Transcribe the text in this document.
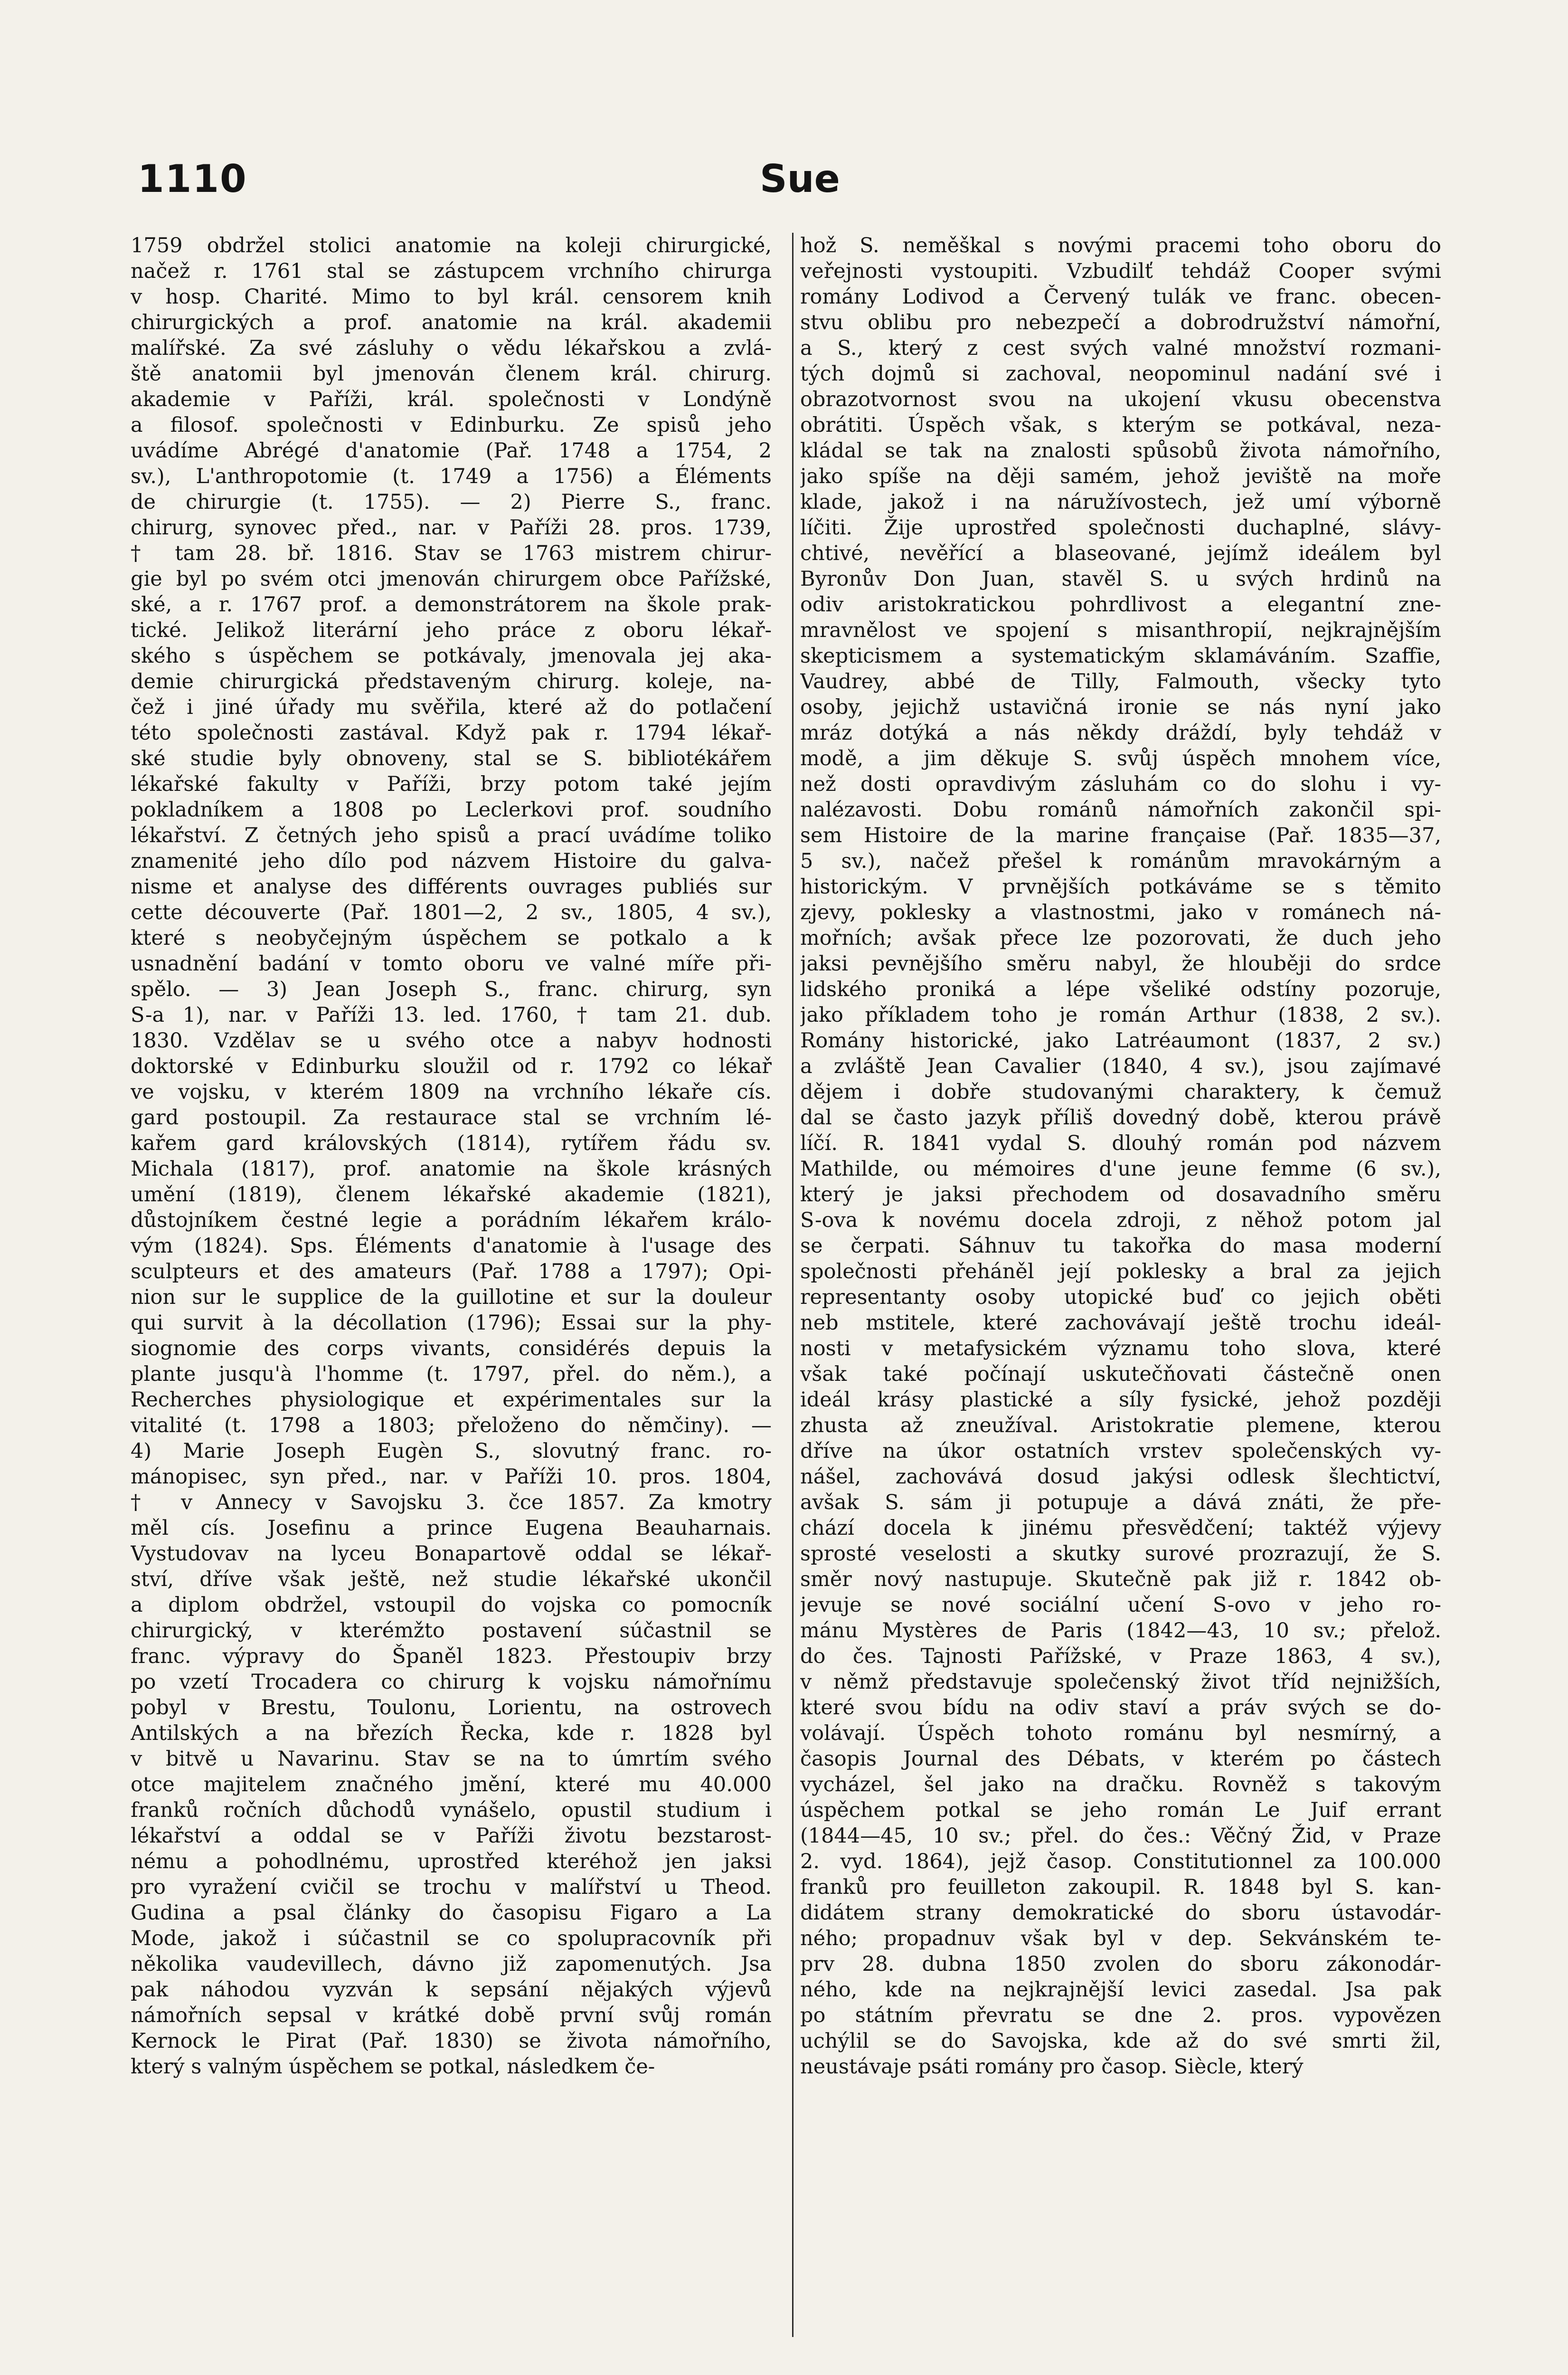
1110	Sue
1759 obdržel stolici anatomie na koleji chirurgické,
načež r. 1761 stal se zástupcem vrchního chirurga
v hosp. Charité. Mimo to byl král. censorem knih
chirurgických a prof. anatomie na král. akademii
malířské. Za své zásluhy o vědu lékařskou a zvlá-
ště anatomii byl jmenován členem král. chirurg.
akademie v Paříži, král. společnosti v Londýně
a filosof. společnosti v Edinburku. Ze spisů jeho
uvádíme Abrégé d'anatomie (Pař. 1748 a 1754, 2
sv.), L'anthropotomie (t. 1749 a 1756) a Éléments
de chirurgie (t. 1755). — 2) Pierre S., franc.
chirurg, synovec před., nar. v Paříži 28. pros. 1739,
† tam 28. bř. 1816. Stav se 1763 mistrem chirur-
gie byl po svém otci jmenován chirurgem obce Pařížské,
ské, a r. 1767 prof. a demonstrátorem na škole prak-
tické. Jelikož literární jeho práce z oboru lékař-
ského s úspěchem se potkávaly, jmenovala jej aka-
demie chirurgická představeným chirurg. koleje, na-
čež i jiné úřady mu svěřila, které až do potlačení
této společnosti zastával. Když pak r. 1794 lékař-
ské studie byly obnoveny, stal se S. bibliotékářem
lékařské fakulty v Paříži, brzy potom také jejím
pokladníkem a 1808 po Leclerkovi prof. soudního
lékařství. Z četných jeho spisů a prací uvádíme toliko
znamenité jeho dílo pod názvem Histoire du galva-
nisme et analyse des différents ouvrages publiés sur
cette découverte (Pař. 1801—2, 2 sv., 1805, 4 sv.),
které s neobyčejným úspěchem se potkalo a k
usnadnění badání v tomto oboru ve valné míře při-
spělo. — 3) Jean Joseph S., franc. chirurg, syn
S-a 1), nar. v Paříži 13. led. 1760, † tam 21. dub.
1830. Vzdělav se u svého otce a nabyv hodnosti
doktorské v Edinburku sloužil od r. 1792 co lékař
ve vojsku, v kterém 1809 na vrchního lékaře cís.
gard postoupil. Za restaurace stal se vrchním lé-
kařem gard královských (1814), rytířem řádu sv.
Michala (1817), prof. anatomie na škole krásných
umění (1819), členem lékařské akademie (1821),
důstojníkem čestné legie a porádním lékařem králo-
vým (1824). Sps. Éléments d'anatomie à l'usage des
sculpteurs et des amateurs (Pař. 1788 a 1797); Opi-
nion sur le supplice de la guillotine et sur la douleur
qui survit à la décollation (1796); Essai sur la phy-
siognomie des corps vivants, considérés depuis la
plante jusqu'à l'homme (t. 1797, přel. do něm.), a
Recherches physiologique et expérimentales sur la
vitalité (t. 1798 a 1803; přeloženo do němčiny). —
4) Marie Joseph Eugèn S., slovutný franc. ro-
mánopisec, syn před., nar. v Paříži 10. pros. 1804,
† v Annecy v Savojsku 3. čce 1857. Za kmotry
měl cís. Josefinu a prince Eugena Beauharnais.
Vystudovav na lyceu Bonapartově oddal se lékař-
ství, dříve však ještě, než studie lékařské ukončil
a diplom obdržel, vstoupil do vojska co pomocník
chirurgický, v kterémžto postavení súčastnil se
franc. výpravy do Španěl 1823. Přestoupiv brzy
po vzetí Trocadera co chirurg k vojsku námořnímu
pobyl v Brestu, Toulonu, Lorientu, na ostrovech
Antilských a na březích Řecka, kde r. 1828 byl
v bitvě u Navarinu. Stav se na to úmrtím svého
otce majitelem značného jmění, které mu 40.000
franků ročních důchodů vynášelo, opustil studium i
lékařství a oddal se v Paříži životu bezstarost-
nému a pohodlnému, uprostřed kteréhož jen jaksi
pro vyražení cvičil se trochu v malířství u Theod.
Gudina a psal články do časopisu Figaro a La
Mode, jakož i súčastnil se co spolupracovník při
několika vaudevillech, dávno již zapomenutých. Jsa
pak náhodou vyzván k sepsání nějakých výjevů
námořních sepsal v krátké době první svůj román
Kernock le Pirat (Pař. 1830) se života námořního,
který s valným úspěchem se potkal, následkem če-
hož S. neměškal s novými pracemi toho oboru do
veřejnosti vystoupiti. Vzbudilť tehdáž Cooper svými
romány Lodivod a Červený tulák ve franc. obecen-
stvu oblibu pro nebezpečí a dobrodružství námořní,
a S., který z cest svých valné množství rozmani-
tých dojmů si zachoval, neopominul nadání své i
obrazotvornost svou na ukojení vkusu obecenstva
obrátiti. Úspěch však, s kterým se potkával, neza-
kládal se tak na znalosti spůsobů života námořního,
jako spíše na ději samém, jehož jeviště na moře
klade, jakož i na náružívostech, jež umí výborně
líčiti. Žije uprostřed společnosti duchaplné, slávy-
chtivé, nevěřící a blaseované, jejímž ideálem byl
Byronův Don Juan, stavěl S. u svých hrdinů na
odiv aristokratickou pohrdlivost a elegantní zne-
mravnělost ve spojení s misanthropií, nejkrajnějším
skepticismem a systematickým sklamáváním. Szaffie,
Vaudrey, abbé de Tilly, Falmouth, všecky tyto
osoby, jejichž ustavičná ironie se nás nyní jako
mráz dotýká a nás někdy dráždí, byly tehdáž v
modě, a jim děkuje S. svůj úspěch mnohem více,
než dosti opravdivým zásluhám co do slohu i vy-
nalézavosti. Dobu románů námořních zakončil spi-
sem Histoire de la marine française (Pař. 1835—37,
5 sv.), načež přešel k románům mravokárným a
historickým. V prvnějších potkáváme se s těmito
zjevy, poklesky a vlastnostmi, jako v románech ná-
mořních; avšak přece lze pozorovati, že duch jeho
jaksi pevnějšího směru nabyl, že hlouběji do srdce
lidského proniká a lépe všeliké odstíny pozoruje,
jako příkladem toho je román Arthur (1838, 2 sv.).
Romány historické, jako Latréaumont (1837, 2 sv.)
a zvláště Jean Cavalier (1840, 4 sv.), jsou zajímavé
dějem i dobře studovanými charaktery, k čemuž
dal se často jazyk příliš dovedný době, kterou právě
líčí. R. 1841 vydal S. dlouhý román pod názvem
Mathilde, ou mémoires d'une jeune femme (6 sv.),
který je jaksi přechodem od dosavadního směru
S-ova k novému docela zdroji, z něhož potom jal
se čerpati. Sáhnuv tu takořka do masa moderní
společnosti přeháněl její poklesky a bral za jejich
representanty osoby utopické buď co jejich oběti
neb mstitele, které zachovávají ještě trochu ideál-
nosti v metafysickém významu toho slova, které
však také počínají uskutečňovati částečně onen
ideál krásy plastické a síly fysické, jehož později
zhusta až zneužíval. Aristokratie plemene, kterou
dříve na úkor ostatních vrstev společenských vy-
nášel, zachovává dosud jakýsi odlesk šlechtictví,
avšak S. sám ji potupuje a dává znáti, že pře-
chází docela k jinému přesvědčení; taktéž výjevy
sprosté veselosti a skutky surové prozrazují, že S.
směr nový nastupuje. Skutečně pak již r. 1842 ob-
jevuje se nové sociální učení S-ovo v jeho ro-
mánu Mystères de Paris (1842—43, 10 sv.; přelož.
do čes. Tajnosti Pařížské, v Praze 1863, 4 sv.),
v němž představuje společenský život tříd nejnižších,
které svou bídu na odiv staví a práv svých se do-
volávají. Úspěch tohoto románu byl nesmírný, a
časopis Journal des Débats, v kterém po částech
vycházel, šel jako na dračku. Rovněž s takovým
úspěchem potkal se jeho román Le Juif errant
(1844—45, 10 sv.; přel. do čes.: Věčný Žid, v Praze
2. vyd. 1864), jejž časop. Constitutionnel za 100.000
franků pro feuilleton zakoupil. R. 1848 byl S. kan-
didátem strany demokratické do sboru ústavodár-
ného; propadnuv však byl v dep. Sekvánském te-
prv 28. dubna 1850 zvolen do sboru zákonodár-
ného, kde na nejkrajnější levici zasedal. Jsa pak
po státním převratu se dne 2. pros. vypovězen
uchýlil se do Savojska, kde až do své smrti žil,
neustávaje psáti romány pro časop. Siècle, který
